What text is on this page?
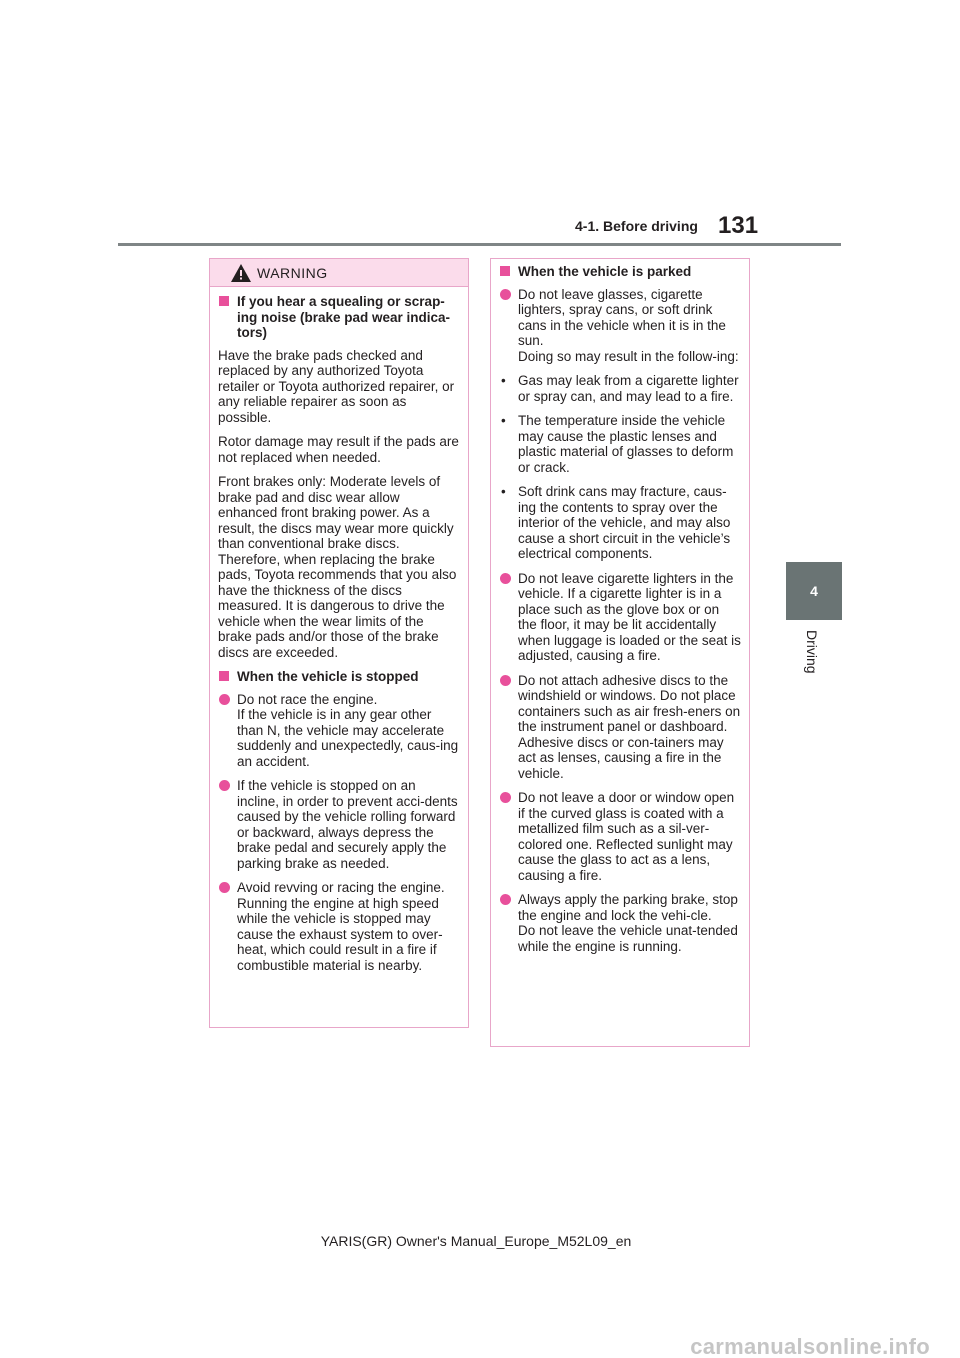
4-1. Before driving 131
4
Driving
WARNING
If you hear a squealing or scrap-ing noise (brake pad wear indica-tors)

Have the brake pads checked and replaced by any authorized Toyota retailer or Toyota authorized repairer, or any reliable repairer as soon as possible.

Rotor damage may result if the pads are not replaced when needed.

Front brakes only: Moderate levels of brake pad and disc wear allow enhanced front braking power. As a result, the discs may wear more quickly than conventional brake discs. Therefore, when replacing the brake pads, Toyota recommends that you also have the thickness of the discs measured. It is dangerous to drive the vehicle when the wear limits of the brake pads and/or those of the brake discs are exceeded.

When the vehicle is stopped
Do not race the engine.
If the vehicle is in any gear other than N, the vehicle may accelerate suddenly and unexpectedly, caus-ing an accident.
If the vehicle is stopped on an incline, in order to prevent acci-dents caused by the vehicle rolling forward or backward, always depress the brake pedal and securely apply the parking brake as needed.
Avoid revving or racing the engine. Running the engine at high speed while the vehicle is stopped may cause the exhaust system to over-heat, which could result in a fire if combustible material is nearby.
When the vehicle is parked
Do not leave glasses, cigarette lighters, spray cans, or soft drink cans in the vehicle when it is in the sun.
Doing so may result in the follow-ing:
• Gas may leak from a cigarette lighter or spray can, and may lead to a fire.
• The temperature inside the vehicle may cause the plastic lenses and plastic material of glasses to deform or crack.
• Soft drink cans may fracture, caus-ing the contents to spray over the interior of the vehicle, and may also cause a short circuit in the vehicle’s electrical components.
Do not leave cigarette lighters in the vehicle. If a cigarette lighter is in a place such as the glove box or on the floor, it may be lit accidentally when luggage is loaded or the seat is adjusted, causing a fire.
Do not attach adhesive discs to the windshield or windows. Do not place containers such as air fresh-eners on the instrument panel or dashboard. Adhesive discs or con-tainers may act as lenses, causing a fire in the vehicle.
Do not leave a door or window open if the curved glass is coated with a metallized film such as a sil-ver-colored one. Reflected sunlight may cause the glass to act as a lens, causing a fire.
Always apply the parking brake, stop the engine and lock the vehi-cle.
Do not leave the vehicle unat-tended while the engine is running.
YARIS(GR) Owner's Manual_Europe_M52L09_en
carmanualsonline.info
